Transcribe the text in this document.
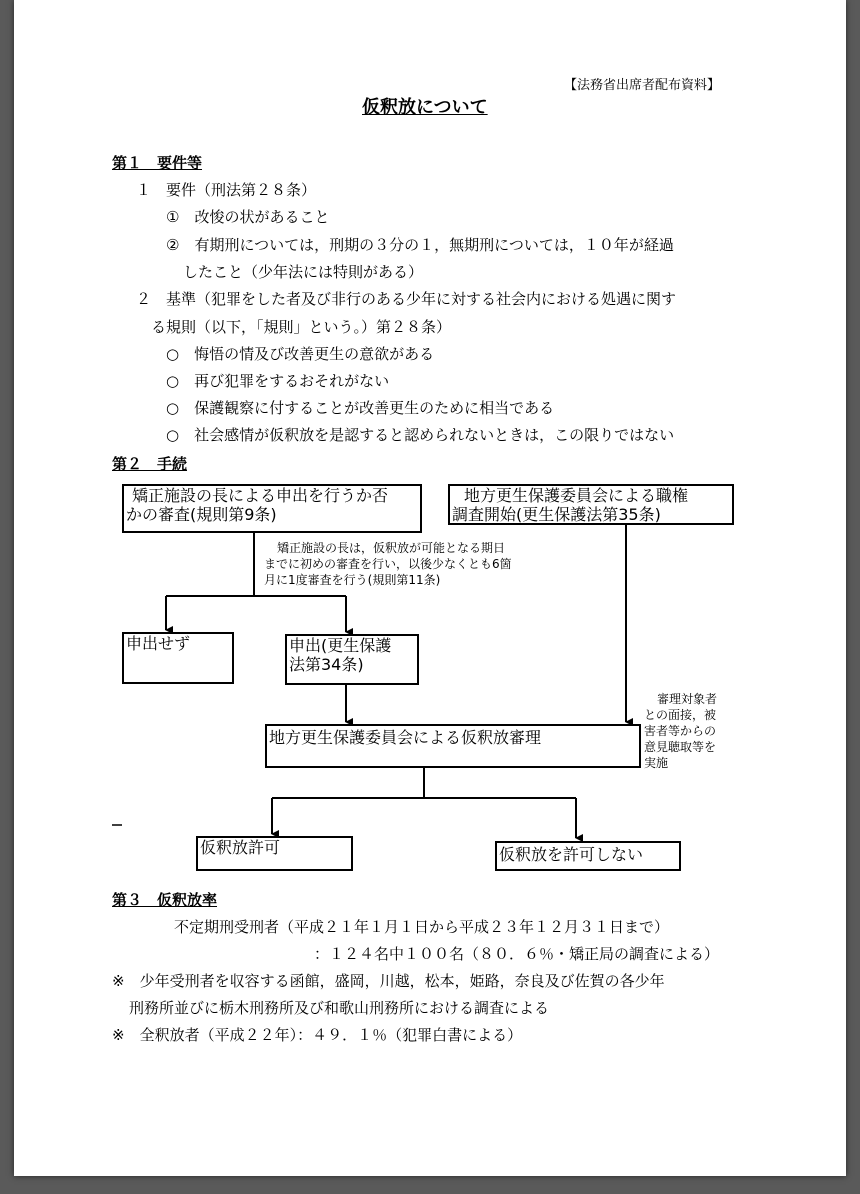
【法務省出席者配布資料】
仮釈放について
第１　要件等
１　要件（刑法第２８条）
①　改悛の状があること
②　有期刑については，刑期の３分の１，無期刑については，１０年が経過
したこと（少年法には特則がある）
２　基準（犯罪をした者及び非行のある少年に対する社会内における処遇に関す
る規則（以下，「規則」という。）第２８条）
○　悔悟の情及び改善更生の意欲がある
○　再び犯罪をするおそれがない
○　保護観察に付することが改善更生のために相当である
○　社会感情が仮釈放を是認すると認められないときは，この限りではない
第２　手続
矯正施設の長による申出を行うか否
かの審査(規則第9条)
地方更生保護委員会による職権
調査開始(更生保護法第35条)
矯正施設の長は，仮釈放が可能となる期日
までに初めの審査を行い，以後少なくとも6箇
月に1度審査を行う(規則第11条)
申出せず	申出(更生保護
法第34条)
地方更生保護委員会による仮釈放審理
審理対象者
との面接，被
害者等からの
意見聴取等を
実施
仮釈放許可	仮釈放を許可しない
第３　仮釈放率
不定期刑受刑者（平成２１年１月１日から平成２３年１２月３１日まで）
：１２４名中１００名（８０．６％・矯正局の調査による）
※　少年受刑者を収容する函館，盛岡，川越，松本，姫路，奈良及び佐賀の各少年
刑務所並びに栃木刑務所及び和歌山刑務所における調査による
※　全釈放者（平成２２年）：４９．１％（犯罪白書による）
